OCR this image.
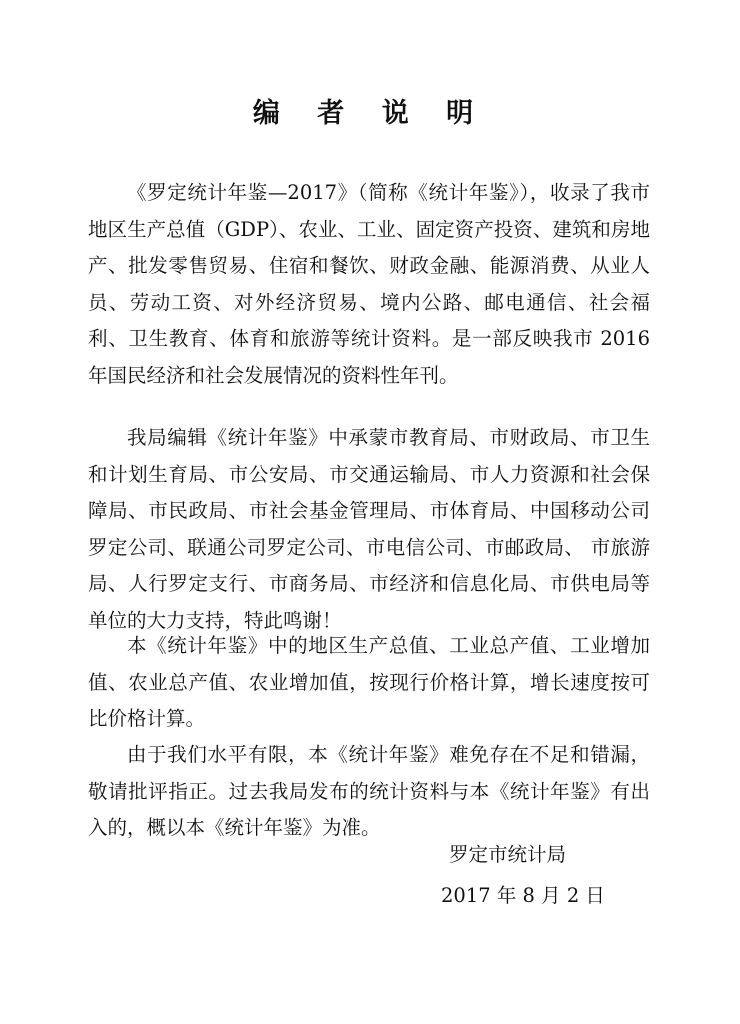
编 者 说 明

《罗定统计年鉴—2017》（简称《统计年鉴》），收录了我市地区生产总值（GDP）、农业、工业、固定资产投资、建筑和房地产、批发零售贸易、住宿和餐饮、财政金融、能源消费、从业人员、劳动工资、对外经济贸易、境内公路、邮电通信、社会福利、卫生教育、体育和旅游等统计资料。是一部反映我市 2016 年国民经济和社会发展情况的资料性年刊。

我局编辑《统计年鉴》中承蒙市教育局、市财政局、市卫生和计划生育局、市公安局、市交通运输局、市人力资源和社会保障局、市民政局、市社会基金管理局、市体育局、中国移动公司罗定公司、联通公司罗定公司、市电信公司、市邮政局、 市旅游局、人行罗定支行、市商务局、市经济和信息化局、市供电局等单位的大力支持，特此鸣谢！

本《统计年鉴》中的地区生产总值、工业总产值、工业增加值、农业总产值、农业增加值，按现行价格计算，增长速度按可比价格计算。

由于我们水平有限，本《统计年鉴》难免存在不足和错漏，敬请批评指正。过去我局发布的统计资料与本《统计年鉴》有出入的，概以本《统计年鉴》为准。

罗定市统计局
2017 年 8 月 2 日
